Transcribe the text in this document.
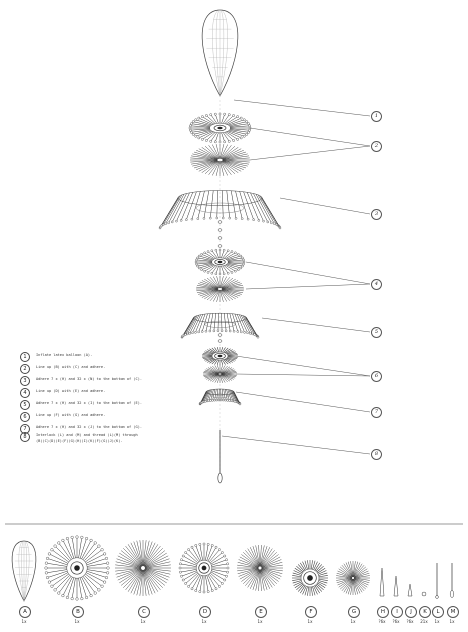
1	Inflate latex balloon (A).
2	Line up (B) with (C) and adhere.
3	Adhere 7 x (H) and 32 x (N) to the bottom of (C).
4	Line up (D) with (E) and adhere.
5	Adhere 7 x (H) and 32 x (I) to the bottom of (E).
6	Line up (F) with (G) and adhere.
7	Adhere 7 x (H) and 32 x (J) to the bottom of (G).
8	Interlock (L) and (M) and thread (L)(M) through
(B)(C)(D)(E)(F)(G)(H)(I)(K)(F)(G)(J)(K).
1
2
3
4
5
6
7
8
A
1x
B
1x
C
1x
D
1x
E
1x
F
1x
G
1x
H
?6x
I
?6x
J
?6x
K
21x
L
1x
M
1x
